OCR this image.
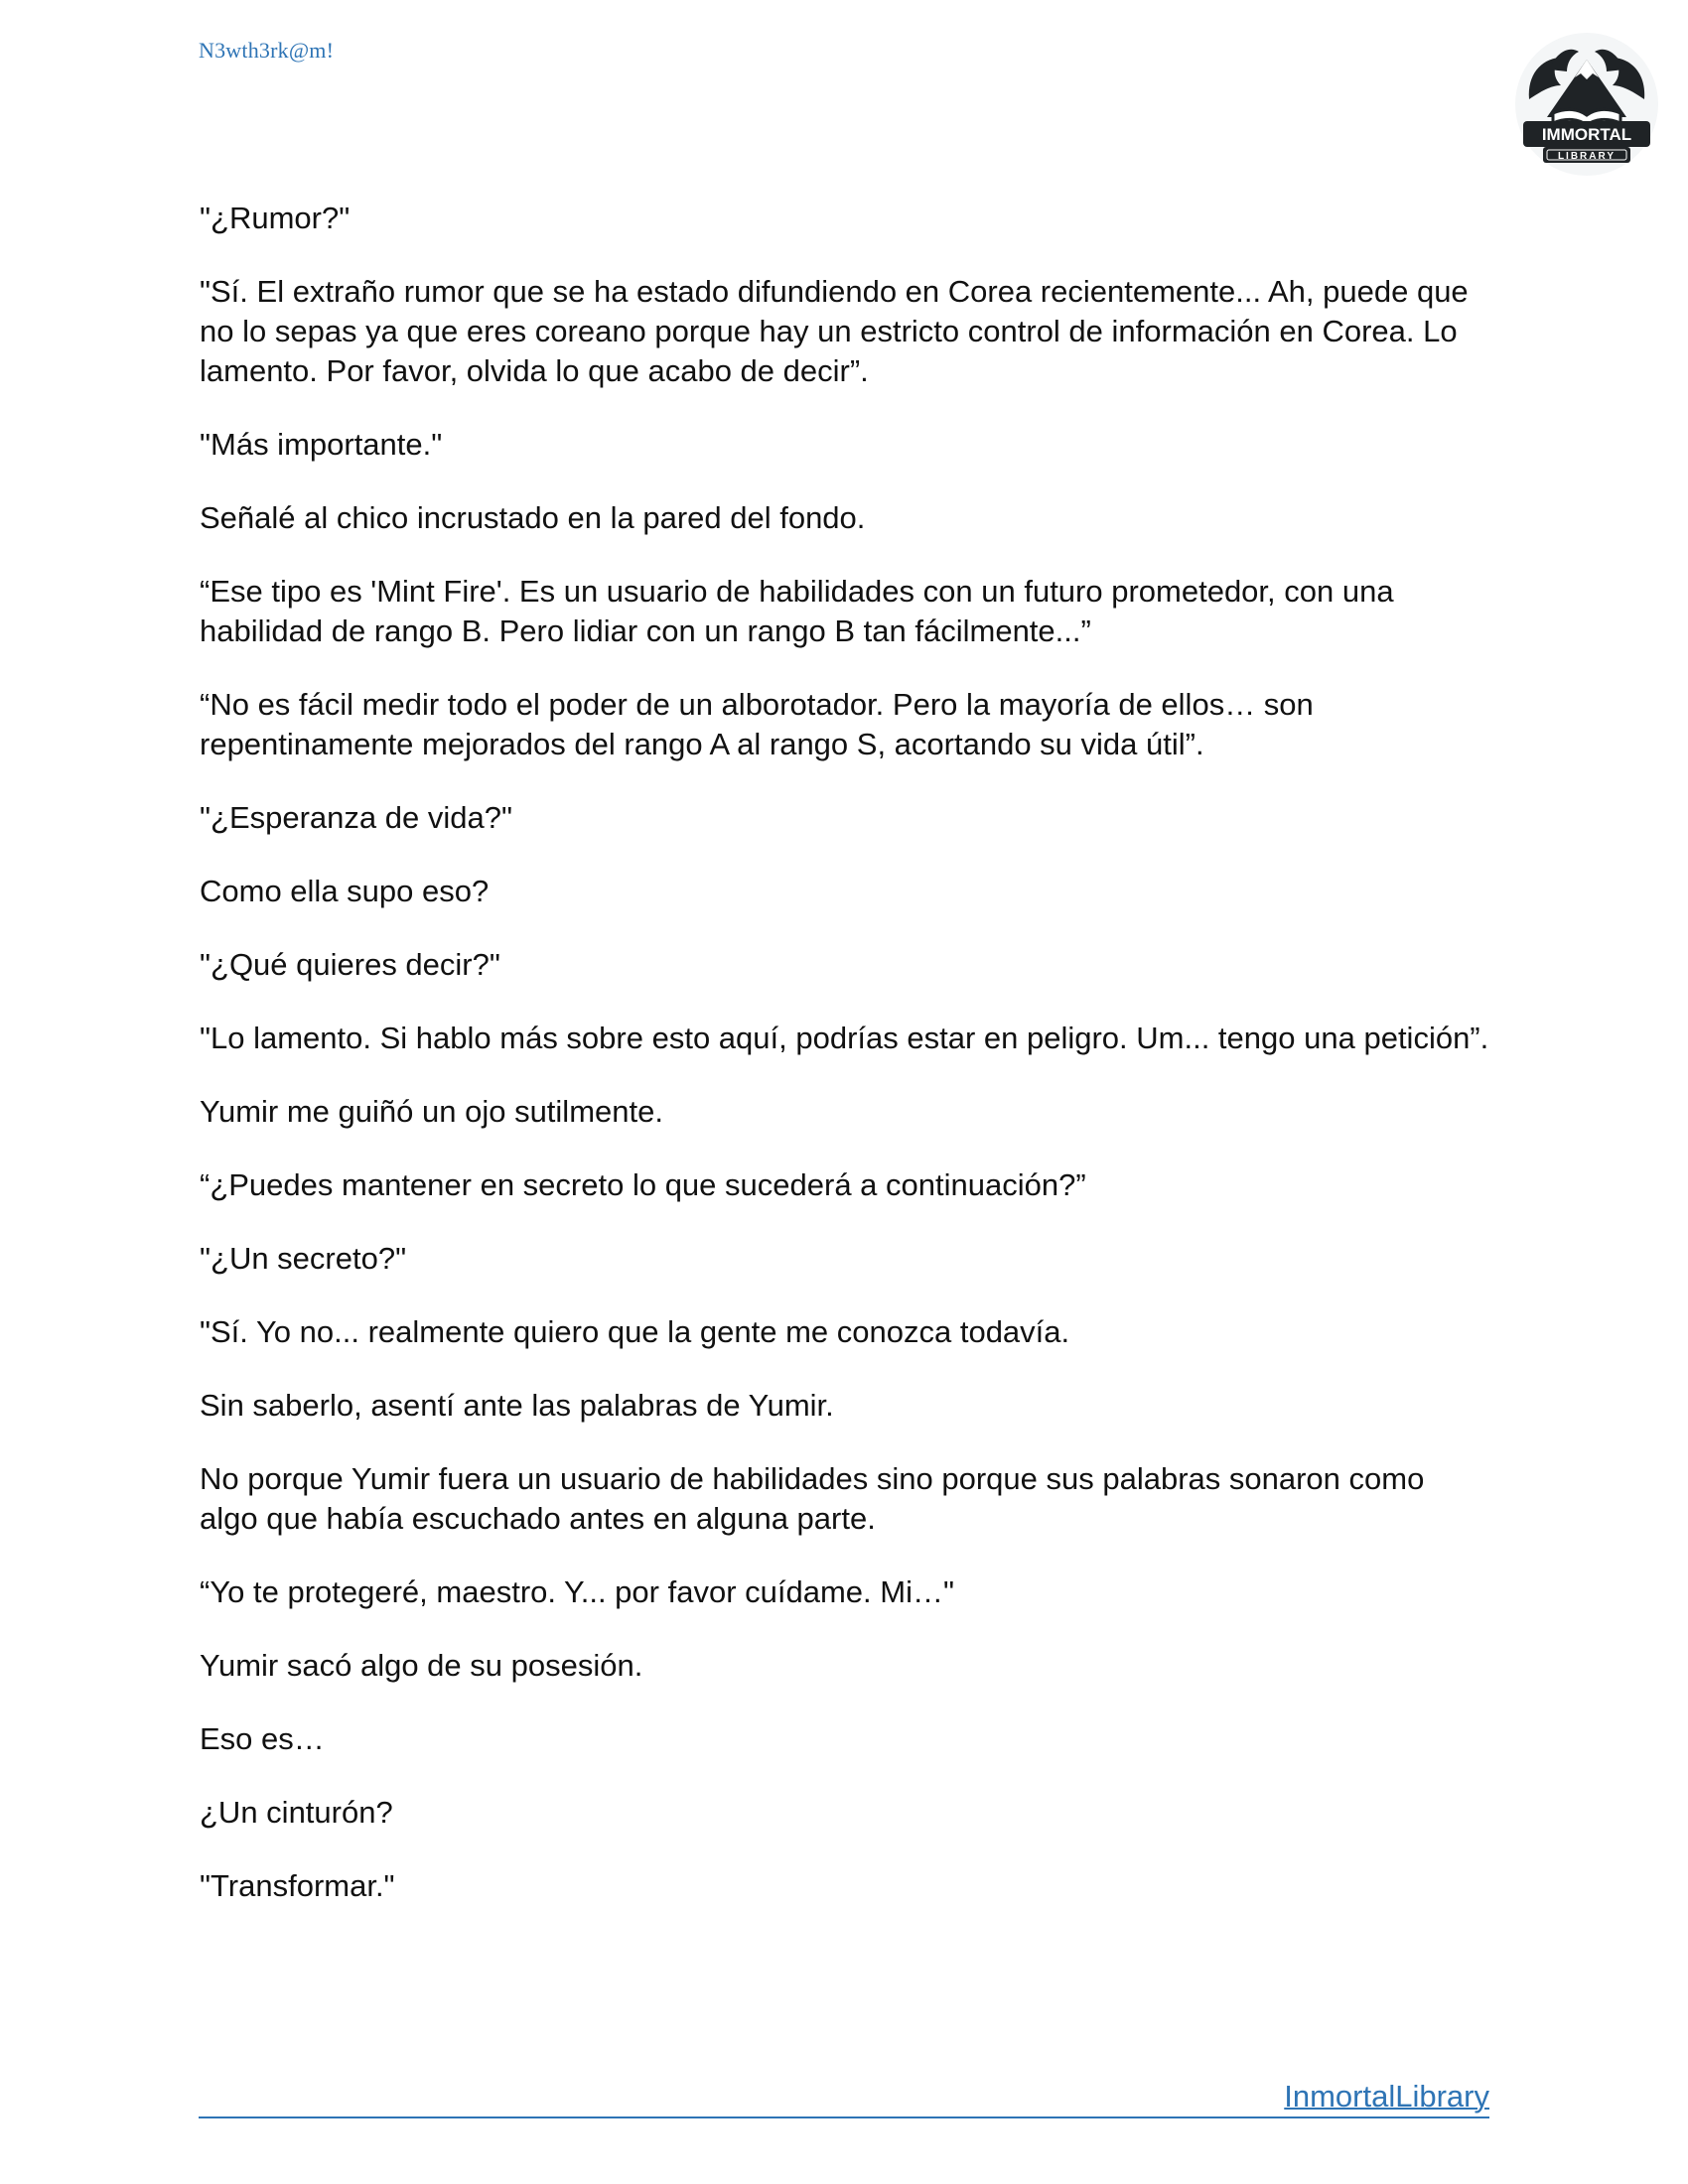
N3wth3rk@m!
IMMORTAL
LIBRARY

"¿Rumor?"

"Sí. El extraño rumor que se ha estado difundiendo en Corea recientemente... Ah, puede que no lo sepas ya que eres coreano porque hay un estricto control de información en Corea. Lo lamento. Por favor, olvida lo que acabo de decir”.

"Más importante."

Señalé al chico incrustado en la pared del fondo.

“Ese tipo es 'Mint Fire'. Es un usuario de habilidades con un futuro prometedor, con una habilidad de rango B. Pero lidiar con un rango B tan fácilmente...”

“No es fácil medir todo el poder de un alborotador. Pero la mayoría de ellos… son repentinamente mejorados del rango A al rango S, acortando su vida útil”.

"¿Esperanza de vida?"

Como ella supo eso?

"¿Qué quieres decir?"

"Lo lamento. Si hablo más sobre esto aquí, podrías estar en peligro. Um... tengo una petición”.

Yumir me guiñó un ojo sutilmente.

“¿Puedes mantener en secreto lo que sucederá a continuación?”

"¿Un secreto?"

"Sí. Yo no... realmente quiero que la gente me conozca todavía.

Sin saberlo, asentí ante las palabras de Yumir.

No porque Yumir fuera un usuario de habilidades sino porque sus palabras sonaron como algo que había escuchado antes en alguna parte.

“Yo te protegeré, maestro. Y... por favor cuídame. Mi…"

Yumir sacó algo de su posesión.

Eso es…

¿Un cinturón?

"Transformar."

InmortalLibrary
